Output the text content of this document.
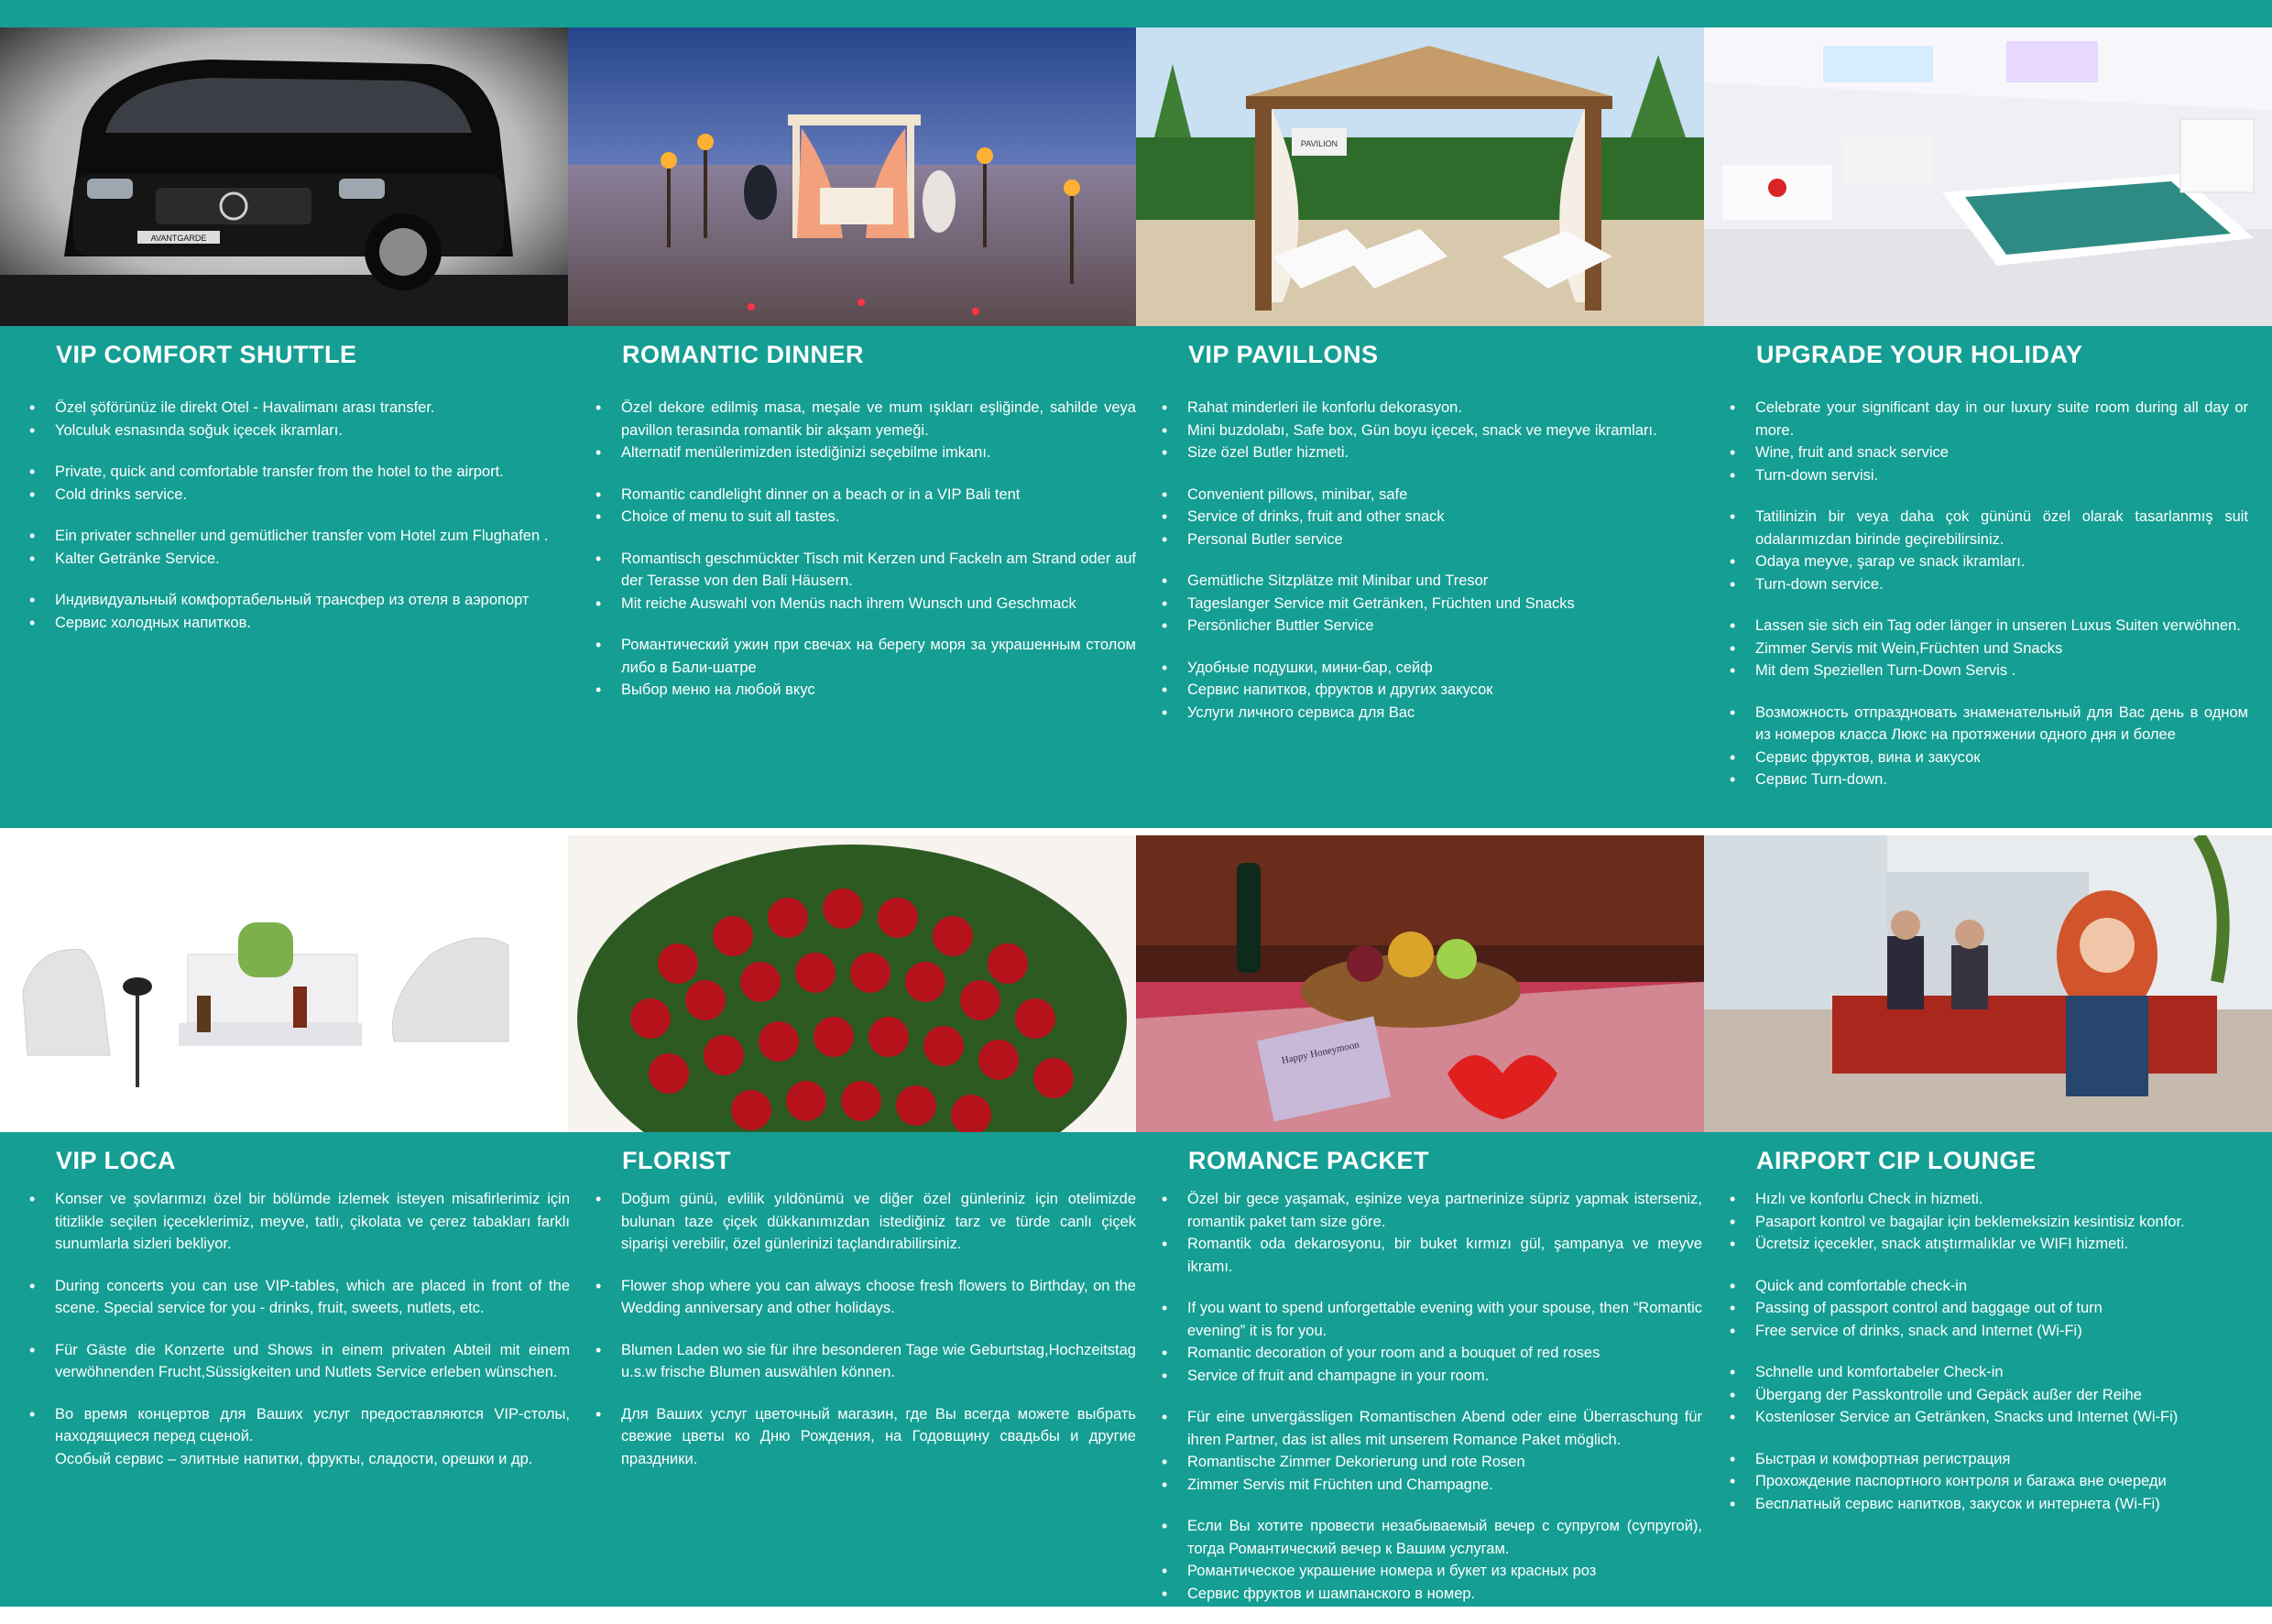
AVANTGARDE
PAVILION
VIP COMFORT SHUTTLE
• Özel şöförünüz ile direkt Otel - Havalimanı arası transfer.
• Yolculuk esnasında soğuk içecek ikramları.
• Private, quick and comfortable transfer from the hotel to the airport.
• Cold drinks service.
• Ein privater schneller und gemütlicher transfer vom Hotel zum Flughafen .
• Kalter Getränke Service.
• Индивидуальный комфортабельный трансфер из отеля в аэропорт
• Сервис холодных напитков.
ROMANTIC DINNER
• Özel dekore edilmiş masa, meşale ve mum ışıkları eşliğinde, sahilde veya pavillon terasında romantik bir akşam yemeği.
• Alternatif menülerimizden istediğinizi seçebilme imkanı.
• Romantic candlelight dinner on a beach or in a VIP Bali tent
• Choice of menu to suit all tastes.
• Romantisch geschmückter Tisch mit Kerzen und Fackeln am Strand oder auf der Terasse von den Bali Häusern.
• Mit reiche Auswahl von Menüs nach ihrem Wunsch und Geschmack
• Романтический ужин при свечах на берегу моря за украшенным столом либо в Бали-шатре
• Выбор меню на любой вкус
VIP PAVILLONS
• Rahat minderleri ile konforlu dekorasyon.
• Mini buzdolabı, Safe box, Gün boyu içecek, snack ve meyve ikramları.
• Size özel Butler hizmeti.
• Convenient pillows, minibar, safe
• Service of drinks, fruit and other snack
• Personal Butler service
• Gemütliche Sitzplätze mit Minibar und Tresor
• Tageslanger Service mit Getränken, Früchten und Snacks
• Persönlicher Buttler Service
• Удобные подушки, мини-бар, сейф
• Сервис напитков, фруктов и других закусок
• Услуги личного сервиса для Вас
UPGRADE YOUR HOLIDAY
• Celebrate your significant day in our luxury suite room during all day or more.
• Wine, fruit and snack service
• Turn-down servisi.
• Tatilinizin bir veya daha çok gününü özel olarak tasarlanmış suit odalarımızdan birinde geçirebilirsiniz.
• Odaya meyve, şarap ve snack ikramları.
• Turn-down service.
• Lassen sie sich ein Tag oder länger in unseren Luxus Suiten verwöhnen.
• Zimmer Servis mit Wein,Früchten und Snacks
• Mit dem Speziellen Turn-Down Servis .
• Возможность отпраздновать знаменательный для Вас день в одном из номеров класса Люкс на протяжении одного дня и более
• Сервис фруктов, вина и закусок
• Сервис Turn-down.
Happy Honeymoon
VIP LOCA
• Konser ve şovlarımızı özel bir bölümde izlemek isteyen misafirlerimiz için titizlikle seçilen içeceklerimiz, meyve, tatlı, çikolata ve çerez tabakları farklı sunumlarla sizleri bekliyor.
• During concerts you can use VIP-tables, which are placed in front of the scene. Special service for you - drinks, fruit, sweets, nutlets, etc.
• Für Gäste die Konzerte und Shows in einem privaten Abteil mit einem verwöhnenden Frucht,Süssigkeiten und Nutlets Service erleben wünschen.
• Во время концертов для Ваших услуг предоставляются VIP-столы, находящиеся перед сценой.
Особый сервис – элитные напитки, фрукты, сладости, орешки и др.
FLORIST
• Doğum günü, evlilik yıldönümü ve diğer özel günleriniz için otelimizde bulunan taze çiçek dükkanımızdan istediğiniz tarz ve türde canlı çiçek siparişi verebilir, özel günlerinizi taçlandırabilirsiniz.
• Flower shop where you can always choose fresh flowers to Birthday, on the Wedding anniversary and other holidays.
• Blumen Laden wo sie für ihre besonderen Tage wie Geburtstag,Hochzeitstag u.s.w frische Blumen auswählen können.
• Для Ваших услуг цветочный магазин, где Вы всегда можете выбрать свежие цветы ко Дню Рождения, на Годовщину свадьбы и другие праздники.
ROMANCE PACKET
• Özel bir gece yaşamak, eşinize veya partnerinize süpriz yapmak isterseniz, romantik paket tam size göre.
• Romantik oda dekarosyonu, bir buket kırmızı gül, şampanya ve meyve ikramı.
• If you want to spend unforgettable evening with your spouse, then “Romantic evening” it is for you.
• Romantic decoration of your room and a bouquet of red roses
• Service of fruit and champagne in your room.
• Für eine unvergässligen Romantischen Abend oder eine Überraschung für ihren Partner, das ist alles mit unserem Romance Paket möglich.
• Romantische Zimmer Dekorierung und rote Rosen
• Zimmer Servis mit Früchten und Champagne.
• Если Вы хотите провести незабываемый вечер с супругом (супругой), тогда Романтический вечер к Вашим услугам.
• Романтическое украшение номера и букет из красных роз
• Сервис фруктов и шампанского в номер.
AIRPORT CIP LOUNGE
• Hızlı ve konforlu Check in hizmeti.
• Pasaport kontrol ve bagajlar için beklemeksizin kesintisiz konfor.
• Ücretsiz içecekler, snack atıştırmalıklar ve WIFI hizmeti.
• Quick and comfortable check-in
• Passing of passport control and baggage out of turn
• Free service of drinks, snack and Internet (Wi-Fi)
• Schnelle und komfortabeler Check-in
• Übergang der Passkontrolle und Gepäck außer der Reihe
• Kostenloser Service an Getränken, Snacks und Internet (Wi-Fi)
• Быстрая и комфортная регистрация
• Прохождение паспортного контроля и багажа вне очереди
• Бесплатный сервис напитков, закусок и интернета (Wi-Fi)
